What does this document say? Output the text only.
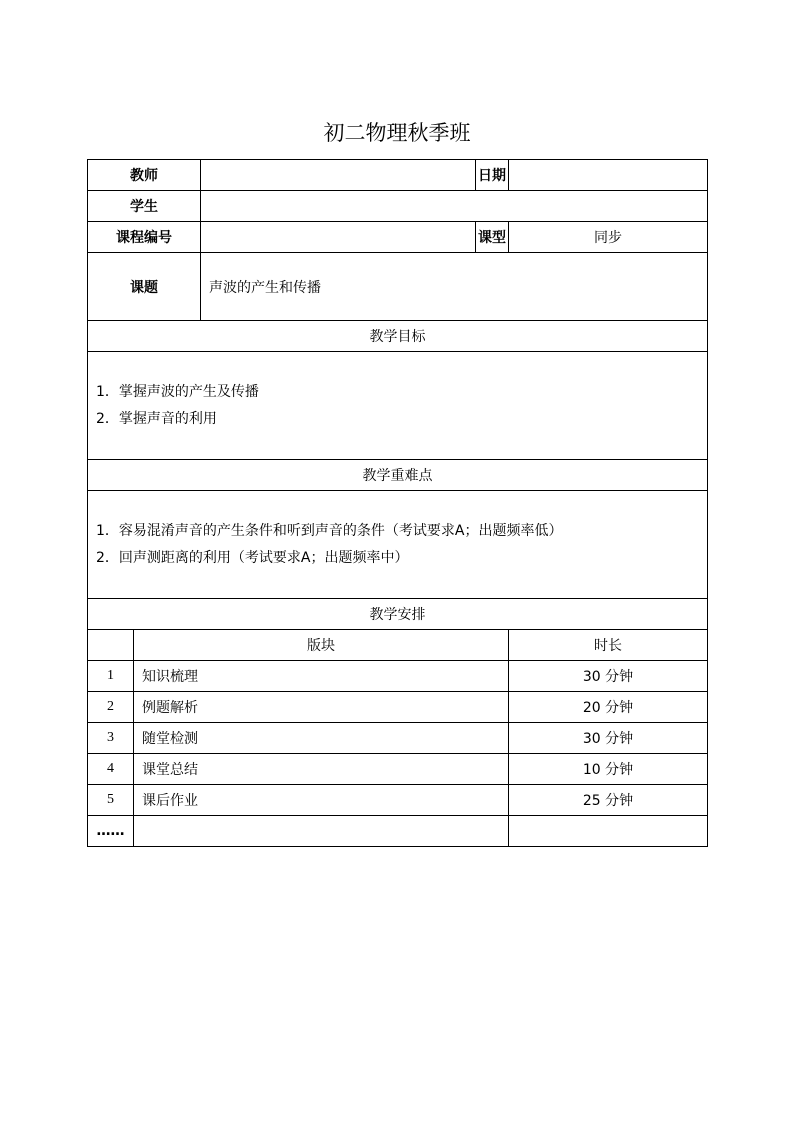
初二物理秋季班
教师			日期	
学生				
课程编号			课型	同步
课题		声波的产生和传播		
教学目标				

1．掌握声波的产生及传播
2．掌握声音的利用				

教学重难点				

1．容易混淆声音的产生条件和听到声音的条件（考试要求A；出题频率低）
2．回声测距离的利用（考试要求A；出题频率中）				

教学安排				
	版块			时长
1	知识梳理			30 分钟
2	例题解析			20 分钟
3	随堂检测			30 分钟
4	课堂总结			10 分钟
5	课后作业			25 分钟
……				
